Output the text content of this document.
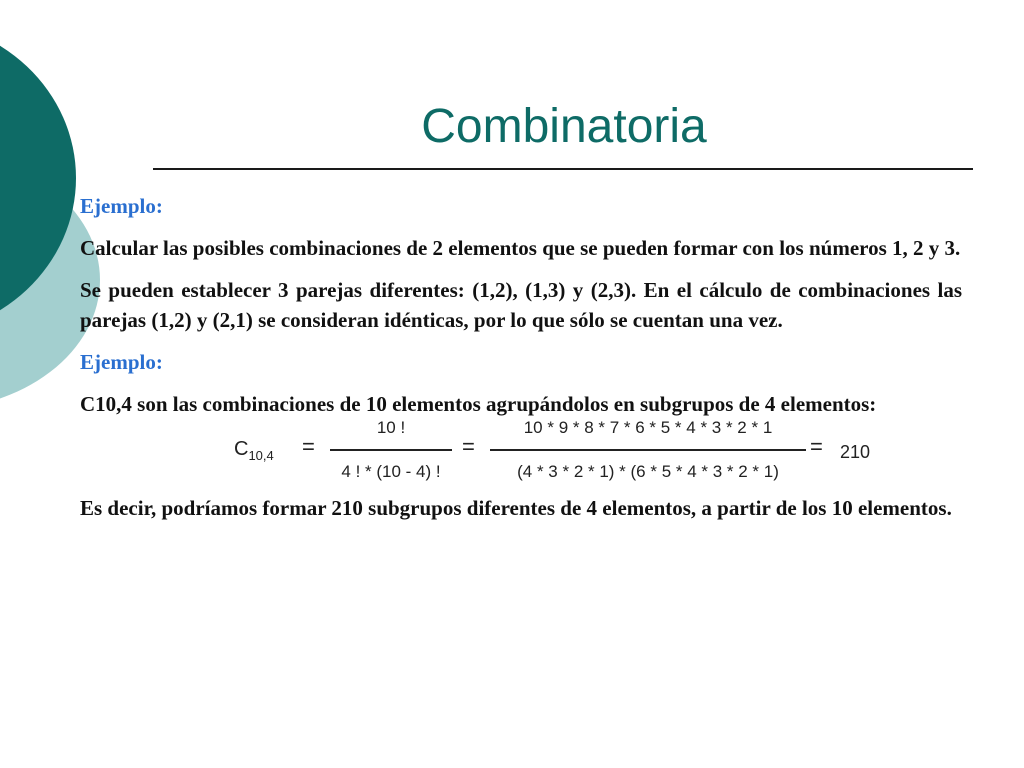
Combinatoria

Ejemplo:

Calcular las posibles combinaciones de 2 elementos que se pueden formar con los números 1, 2 y 3.

Se pueden establecer 3 parejas diferentes: (1,2), (1,3) y (2,3). En el cálculo de combinaciones las parejas (1,2) y (2,1) se consideran idénticas, por lo que sólo se cuentan una vez.

Ejemplo:

C10,4 son las combinaciones de 10 elementos agrupándolos en subgrupos de 4 elementos:

$C_{10,4}$ =
10 !
4 ! * (10 - 4) !
=
10 * 9 * 8 * 7 * 6 * 5 * 4 * 3 * 2 * 1
(4 * 3 * 2 * 1) * (6 * 5 * 4 * 3 * 2 * 1)
= 210

Es decir, podríamos formar 210 subgrupos diferentes de 4 elementos, a partir de los 10 elementos.
